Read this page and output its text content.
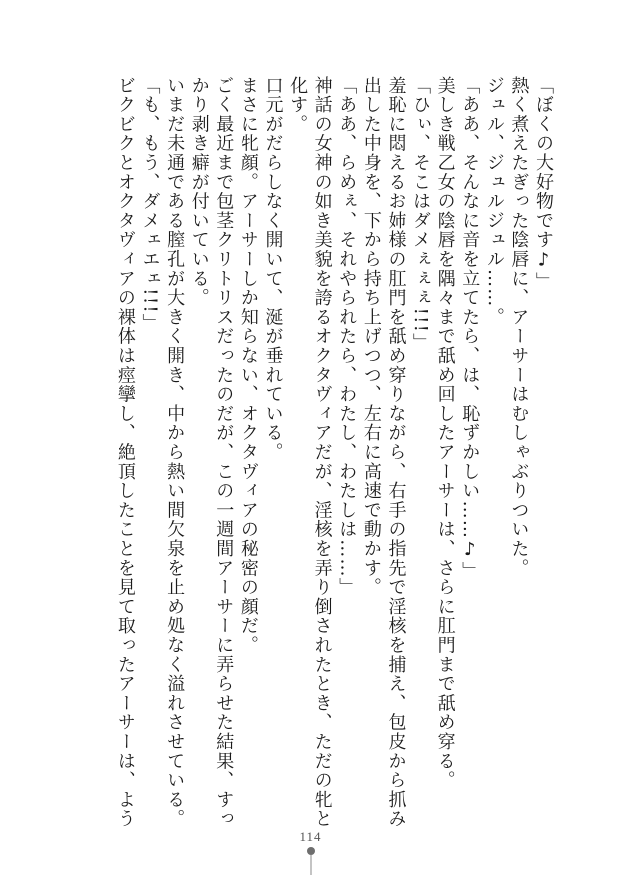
「ぼくの大好物です♪」
熱く煮えたぎった陰唇に、アーサーはむしゃぶりついた。
ジュル、ジュルジュル……。
「ああ、そんなに音を立てたら、は、恥ずかしい……♪」
美しき戦乙女の陰唇を隅々まで舐め回したアーサーは、さらに肛門まで舐め穿る。
「ひぃ、そこはダメぇぇぇ!!!」
羞恥に悶えるお姉様の肛門を舐め穿りながら、右手の指先で淫核を捕え、包皮から抓み
出した中身を、下から持ち上げつつ、左右に高速で動かす。
「ああ、らめぇ、それやられたら、わたし、わたしは……」
神話の女神の如き美貌を誇るオクタヴィアだが、淫核を弄り倒されたとき、ただの牝と
化す。
口元がだらしなく開いて、涎が垂れている。
まさに牝顔。アーサーしか知らない、オクタヴィアの秘密の顔だ。
ごく最近まで包茎クリトリスだったのだが、この一週間アーサーに弄らせた結果、すっ
かり剥き癖が付いている。
いまだ未通である膣孔が大きく開き、中から熱い間欠泉を止め処なく溢れさせている。
「も、もう、ダメェエェ!!!」
ビクビクとオクタヴィアの裸体は痙攣し、絶頂したことを見て取ったアーサーは、よう
114
